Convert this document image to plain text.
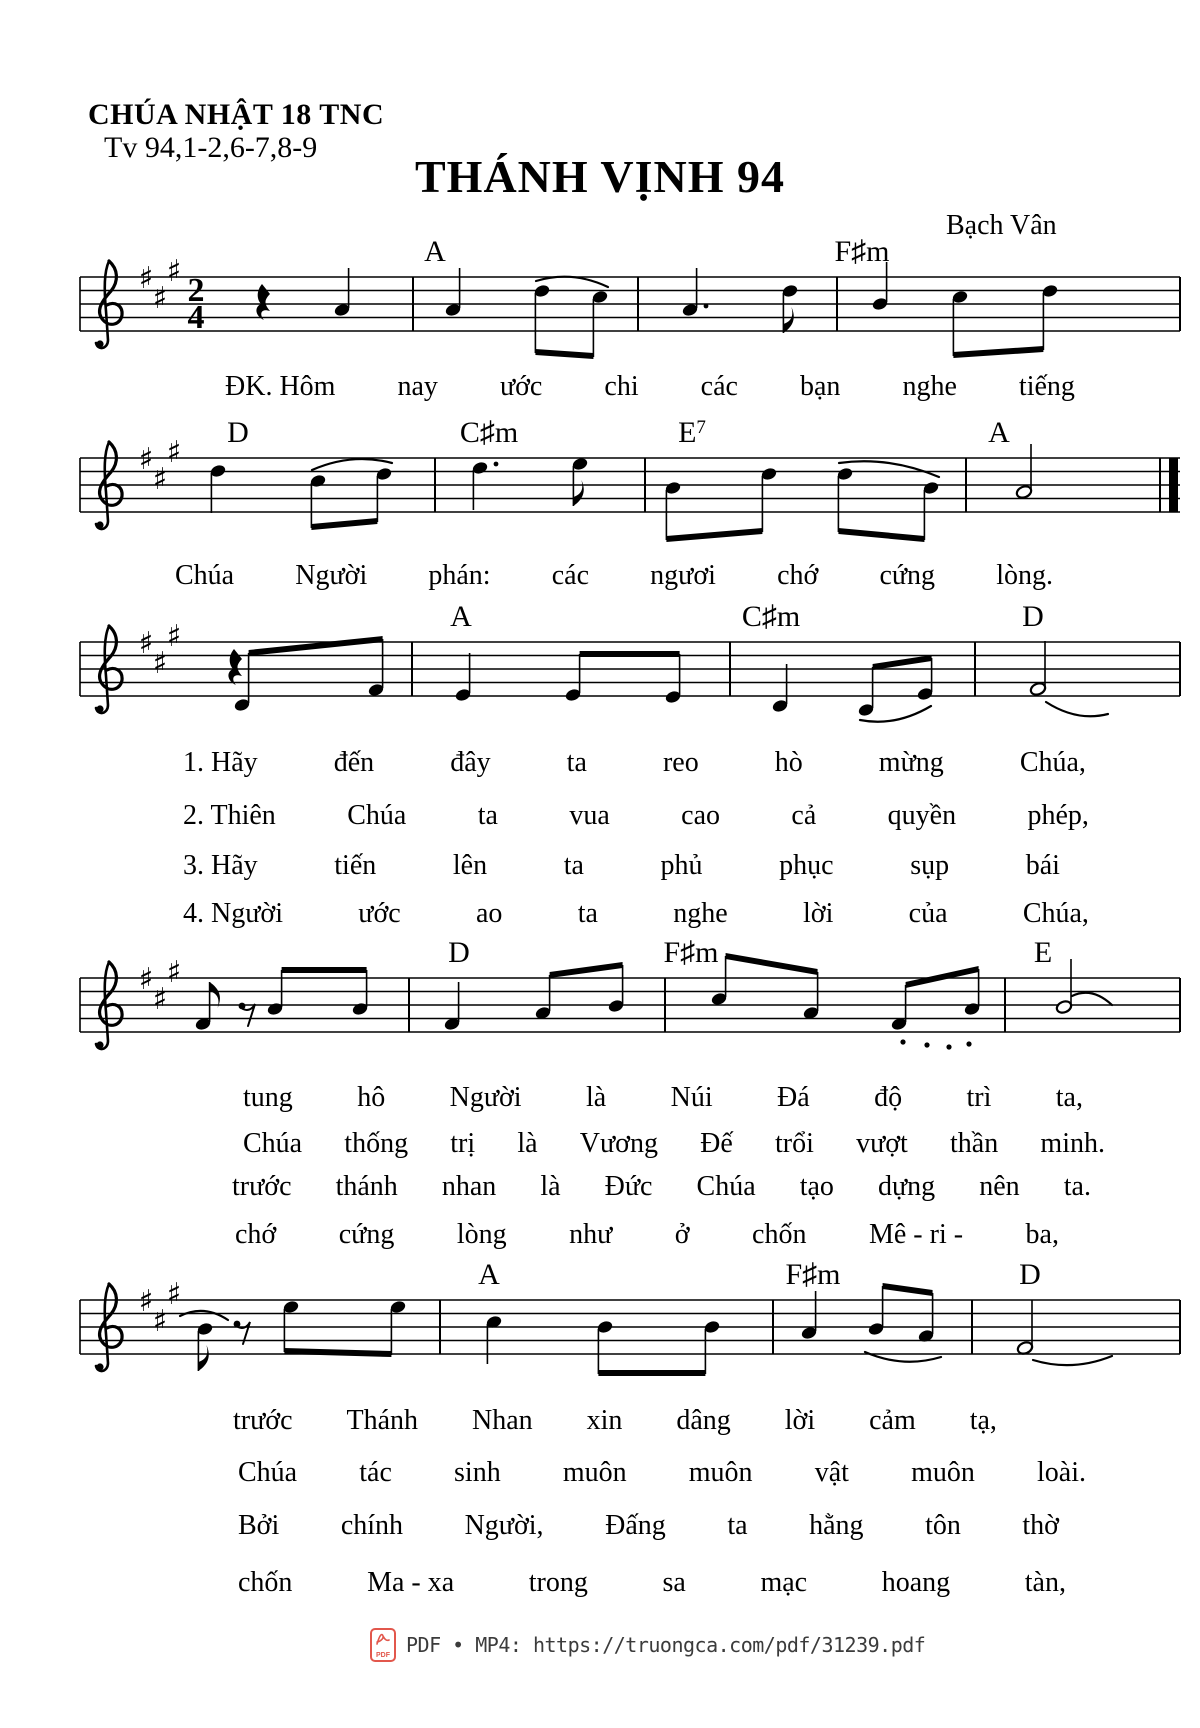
♯
♯
♯
2
4
♯
♯
♯
♯
♯
♯
♯
♯
♯
♯
♯
♯
CHÚA NHẬT 18 TNC
Tv 94,1-2,6-7,8-9
THÁNH VỊNH 94
Bạch Vân
A	F♯m
D	C♯m	$E^7$	A
A	C♯m	D
D	F♯m	E
A	F♯m	D
ĐK. Hôm nay ước chi các bạn nghe tiếng
Chúa Người phán: các ngươi chớ cứng lòng.
1. Hãy	đến	đây	ta	reo	hò	mừng	Chúa,
2. Thiên	Chúa	ta	vua	cao	cả	quyền	phép,
3. Hãy	tiến	lên	ta	phủ	phục	sụp	bái
4. Người	ước	ao	ta	nghe	lời	của	Chúa,
tung hô Người là Núi Đá độ trì ta,
Chúa thống trị là Vương Đế trổi vượt thần minh.
trước thánh nhan là Đức Chúa tạo dựng nên ta.
chớ cứng lòng như ở chốn Mê - ri - ba,
trước Thánh Nhan xin dâng lời cảm tạ,
Chúa tác sinh muôn muôn vật muôn loài.
Bởi chính Người, Đấng ta hằng tôn thờ
chốn	Ma - xa	trong	sa	mạc	hoang	tàn,
PDF PDF • MP4: https://truongca.com/pdf/31239.pdf
